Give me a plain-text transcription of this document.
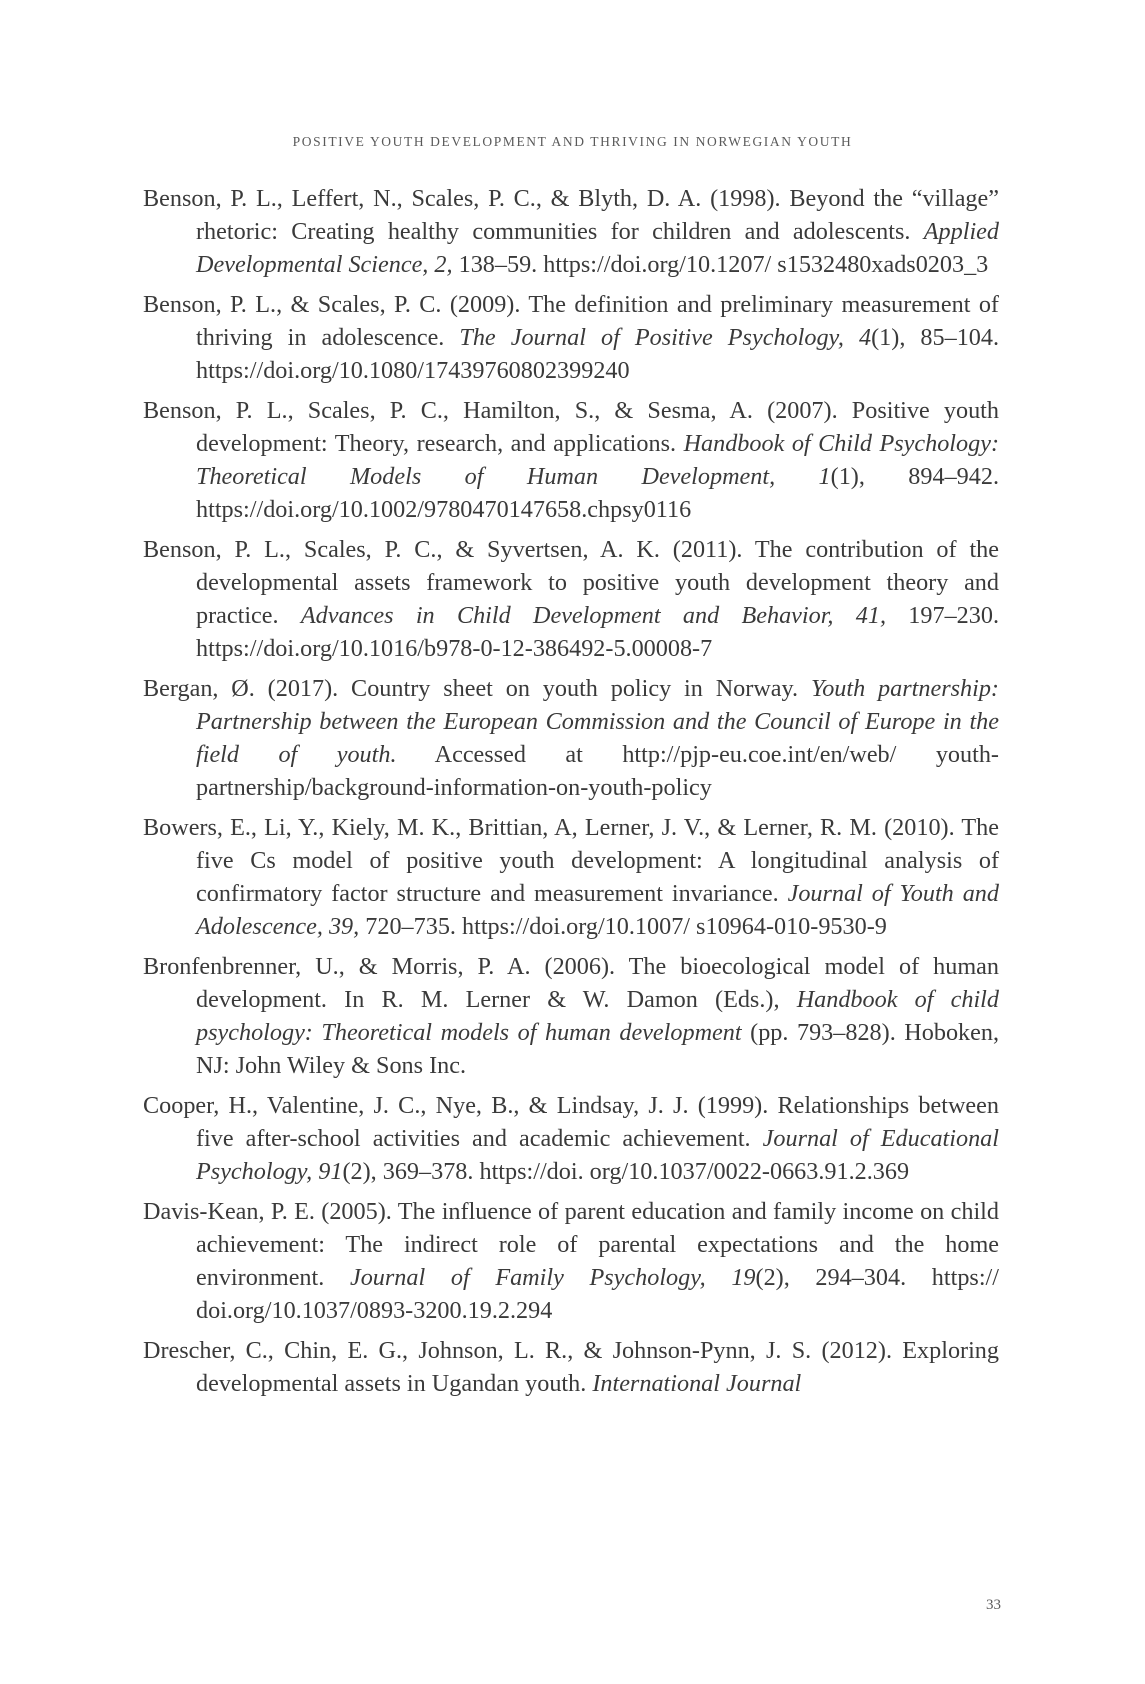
POSITIVE YOUTH DEVELOPMENT AND THRIVING IN NORWEGIAN YOUTH

Benson, P. L., Leffert, N., Scales, P. C., & Blyth, D. A. (1998). Beyond the “village” rhetoric: Creating healthy communities for children and adolescents. Applied Developmental Science, 2, 138–59. https://doi.org/10.1207/ s1532480xads0203_3

Benson, P. L., & Scales, P. C. (2009). The definition and preliminary measurement of thriving in adolescence. The Journal of Positive Psychology, 4(1), 85–104. https://doi.org/10.1080/17439760802399240

Benson, P. L., Scales, P. C., Hamilton, S., & Sesma, A. (2007). Positive youth development: Theory, research, and applications. Handbook of Child Psychology: Theoretical Models of Human Development, 1(1), 894–942. https://doi.org/10.1002/9780470147658.chpsy0116

Benson, P. L., Scales, P. C., & Syvertsen, A. K. (2011). The contribution of the developmental assets framework to positive youth development theory and practice. Advances in Child Development and Behavior, 41, 197–230. https://doi.org/10.1016/b978-0-12-386492-5.00008-7

Bergan, Ø. (2017). Country sheet on youth policy in Norway. Youth partnership: Partnership between the European Commission and the Council of Europe in the field of youth. Accessed at http://pjp-eu.coe.int/en/web/ youth-partnership/background-information-on-youth-policy

Bowers, E., Li, Y., Kiely, M. K., Brittian, A, Lerner, J. V., & Lerner, R. M. (2010). The five Cs model of positive youth development: A longitudinal analysis of confirmatory factor structure and measurement invariance. Journal of Youth and Adolescence, 39, 720–735. https://doi.org/10.1007/ s10964-010-9530-9

Bronfenbrenner, U., & Morris, P. A. (2006). The bioecological model of human development. In R. M. Lerner & W. Damon (Eds.), Handbook of child psychology: Theoretical models of human development (pp. 793–828). Hoboken, NJ: John Wiley & Sons Inc.

Cooper, H., Valentine, J. C., Nye, B., & Lindsay, J. J. (1999). Relationships between five after-school activities and academic achievement. Journal of Educational Psychology, 91(2), 369–378. https://doi. org/10.1037/0022-0663.91.2.369

Davis-Kean, P. E. (2005). The influence of parent education and family income on child achievement: The indirect role of parental expectations and the home environment. Journal of Family Psychology, 19(2), 294–304. https:// doi.org/10.1037/0893-3200.19.2.294

Drescher, C., Chin, E. G., Johnson, L. R., & Johnson-Pynn, J. S. (2012). Exploring developmental assets in Ugandan youth. International Journal

33
